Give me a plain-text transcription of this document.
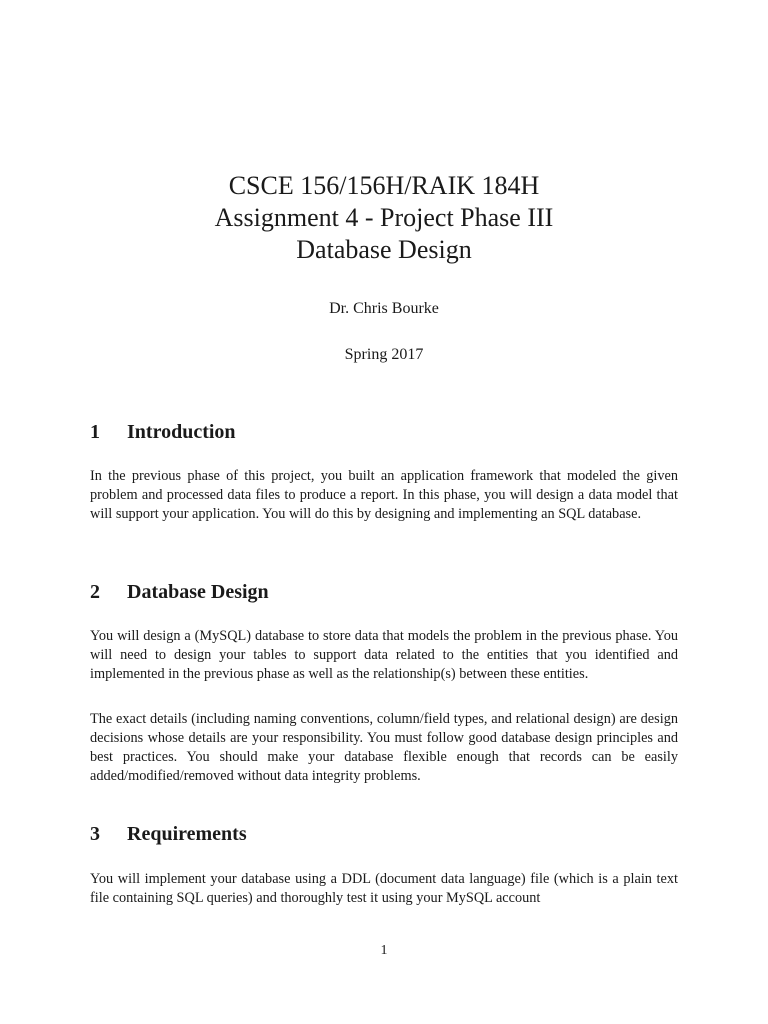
CSCE 156/156H/RAIK 184H
Assignment 4 - Project Phase III
Database Design
Dr. Chris Bourke
Spring 2017
1 Introduction
In the previous phase of this project, you built an application framework that modeled the given problem and processed data files to produce a report. In this phase, you will design a data model that will support your application. You will do this by designing and implementing an SQL database.
2 Database Design
You will design a (MySQL) database to store data that models the problem in the previous phase. You will need to design your tables to support data related to the entities that you identified and implemented in the previous phase as well as the relationship(s) between these entities.
The exact details (including naming conventions, column/field types, and relational design) are design decisions whose details are your responsibility. You must follow good database design principles and best practices. You should make your database flexible enough that records can be easily added/modified/removed without data integrity problems.
3 Requirements
You will implement your database using a DDL (document data language) file (which is a plain text file containing SQL queries) and thoroughly test it using your MySQL account
1
